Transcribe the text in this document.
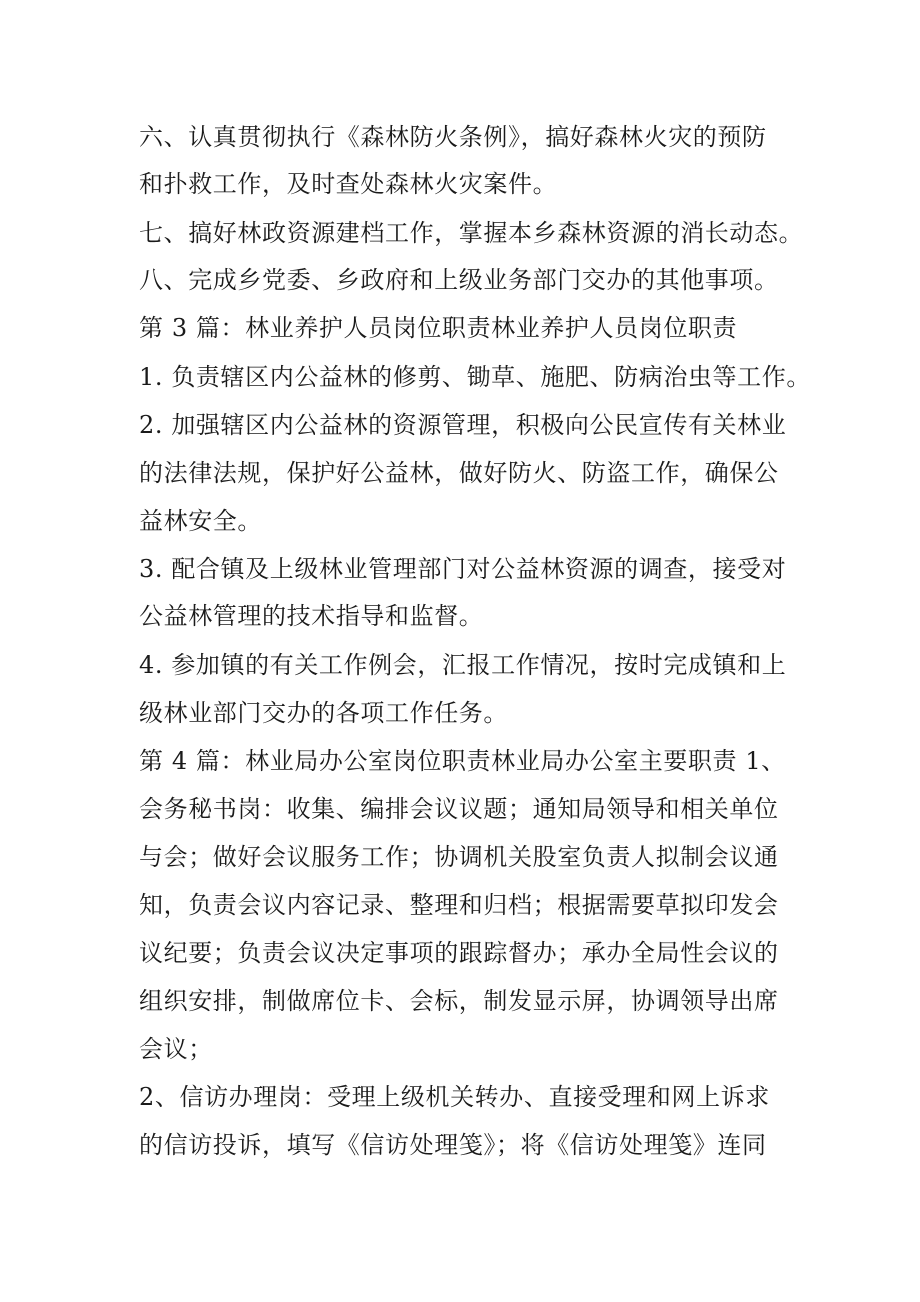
六、认真贯彻执行《森林防火条例》，搞好森林火灾的预防
和扑救工作，及时查处森林火灾案件。
七、搞好林政资源建档工作，掌握本乡森林资源的消长动态。
八、完成乡党委、乡政府和上级业务部门交办的其他事项。
第 3 篇：林业养护人员岗位职责林业养护人员岗位职责
1. 负责辖区内公益林的修剪、锄草、施肥、防病治虫等工作。
2. 加强辖区内公益林的资源管理，积极向公民宣传有关林业
的法律法规，保护好公益林，做好防火、防盗工作，确保公
益林安全。
3. 配合镇及上级林业管理部门对公益林资源的调查，接受对
公益林管理的技术指导和监督。
4. 参加镇的有关工作例会，汇报工作情况，按时完成镇和上
级林业部门交办的各项工作任务。
第 4 篇：林业局办公室岗位职责林业局办公室主要职责 1、
会务秘书岗：收集、编排会议议题；通知局领导和相关单位
与会；做好会议服务工作；协调机关股室负责人拟制会议通
知，负责会议内容记录、整理和归档；根据需要草拟印发会
议纪要；负责会议决定事项的跟踪督办；承办全局性会议的
组织安排，制做席位卡、会标，制发显示屏，协调领导出席
会议；
2、信访办理岗：受理上级机关转办、直接受理和网上诉求
的信访投诉，填写《信访处理笺》；将《信访处理笺》连同
